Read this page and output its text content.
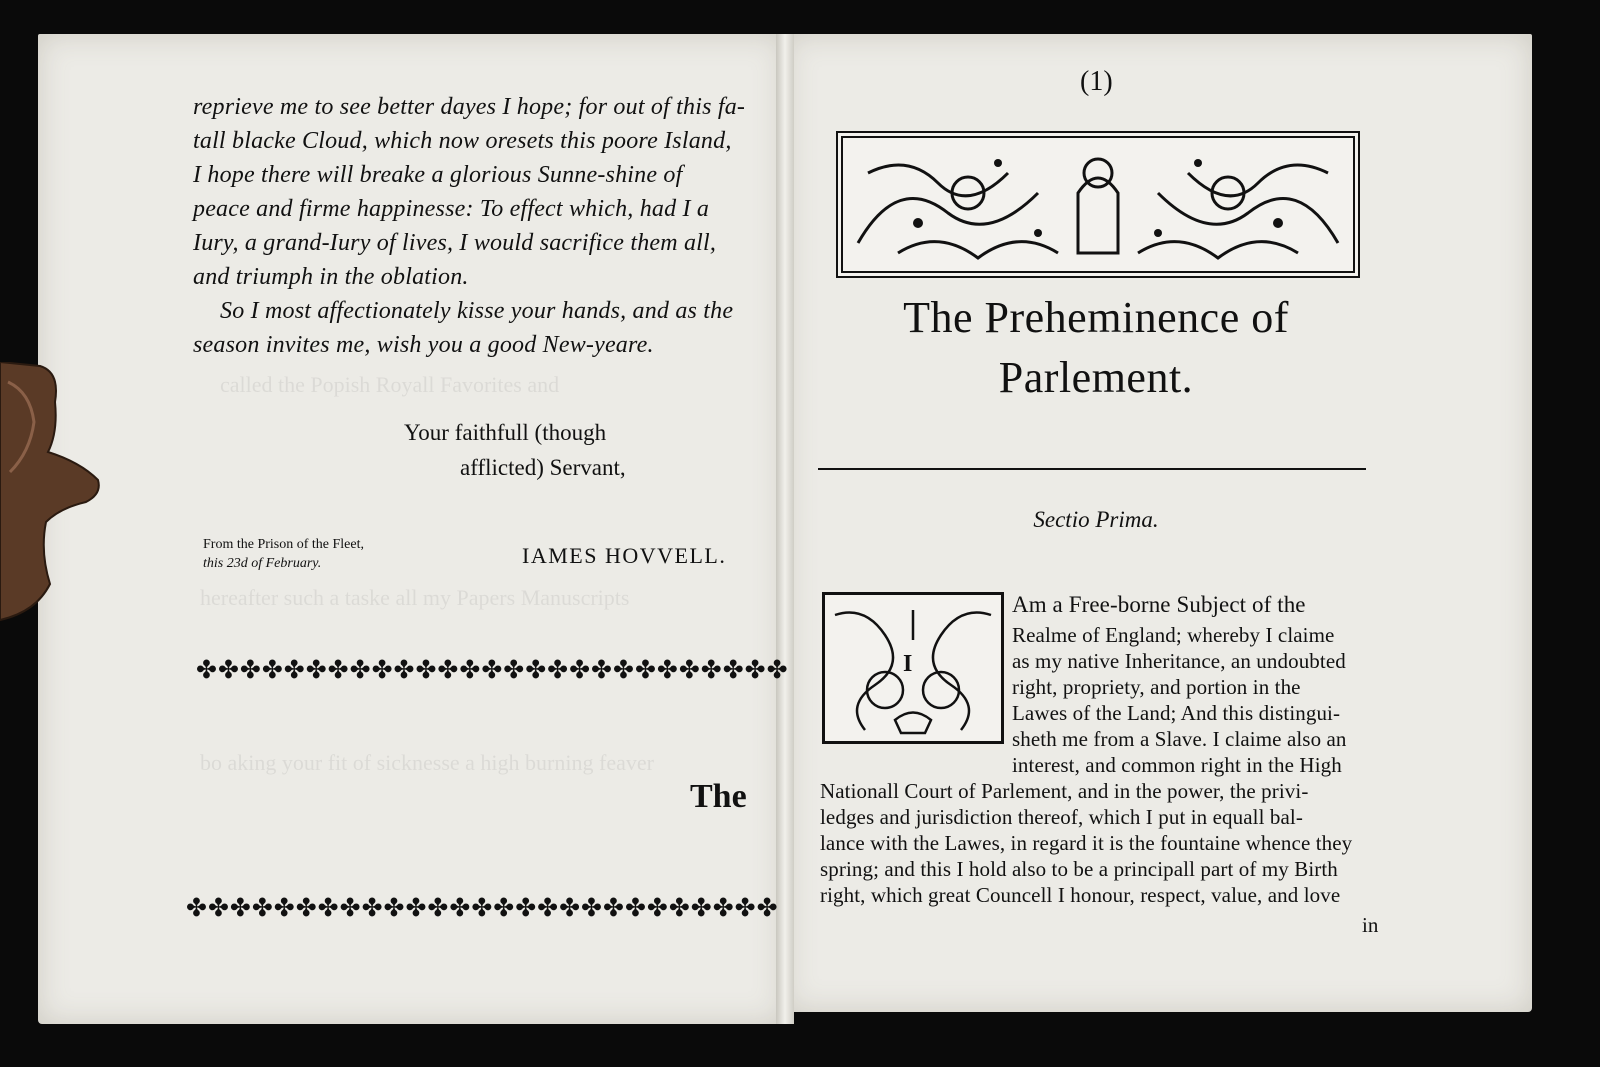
called the Popish Royall Favorites and
hereafter such a taske all my Papers Manuscripts
bo aking your fit of sicknesse a high burning feaver
reprieve me to see better dayes I hope; for out of this fa-
tall blacke Cloud, which now oresets this poore Island,
I hope there will breake a glorious Sunne-shine of
peace and firme happinesse: To effect which, had I a
Iury, a grand-Iury of lives, I would sacrifice them all,
and triumph in the oblation.
So I most affectionately kisse your hands, and as the
season invites me, wish you a good New-yeare.
Your faithfull (though
afflicted) Servant,
From the Prison of the Fleet,
this 23d of February.	IAMES HOVVELL.
✤✤✤✤✤✤✤✤✤✤✤✤✤✤✤✤✤✤✤✤✤✤✤✤✤✤✤
The
✤✤✤✤✤✤✤✤✤✤✤✤✤✤✤✤✤✤✤✤✤✤✤✤✤✤✤
(1)
The Preheminence of
Parlement.
Sectio Prima.
I
Am a Free-borne Subject of the
Realme of England; whereby I claime
as my native Inheritance, an undoubted
right, propriety, and portion in the
Lawes of the Land; And this distingui-
sheth me from a Slave. I claime also an
interest, and common right in the High
Nationall Court of Parlement, and in the power, the privi-
ledges and jurisdiction thereof, which I put in equall bal-
lance with the Lawes, in regard it is the fountaine whence they
spring; and this I hold also to be a principall part of my Birth
right, which great Councell I honour, respect, value, and love
in
